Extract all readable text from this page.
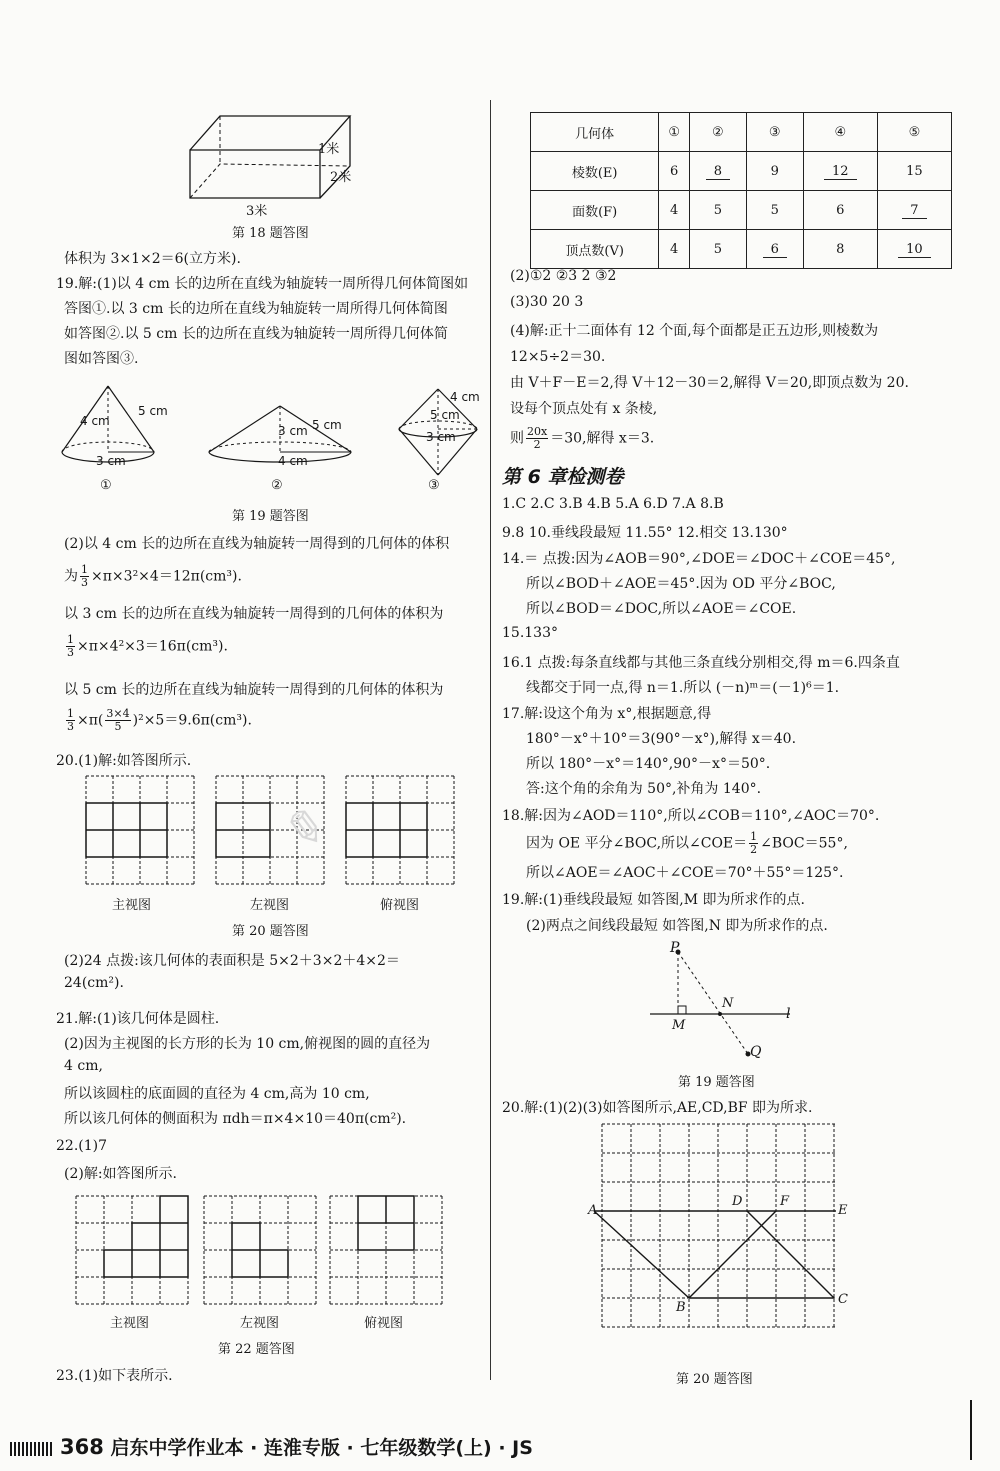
1米
2米
3米
第 18 题答图
体积为 3×1×2＝6(立方米).
19.解:(1)以 4 cm 长的边所在直线为轴旋转一周所得几何体简图如
答图①.以 3 cm 长的边所在直线为轴旋转一周所得几何体简图
如答图②.以 5 cm 长的边所在直线为轴旋转一周所得几何体简
图如答图③.
5 cm
4 cm
3 cm
①
5 cm
3 cm
4 cm
②
4 cm
5 cm
3 cm
③
第 19 题答图
(2)以 4 cm 长的边所在直线为轴旋转一周得到的几何体的体积
为 $\frac{1}{3} \times\pi\times 3^2\times 4=12\pi(cm^3)$.
以 3 cm 长的边所在直线为轴旋转一周得到的几何体的体积为
$\frac{1}{3} \times\pi\times 4^2\times 3=16\pi(cm^3)$.
以 5 cm 长的边所在直线为轴旋转一周得到的几何体的体积为
$\frac{1}{3} \times\pi( \frac{3\times 4}{5} )^2\times 5=9.6\pi(cm^3)$.
20.(1)解:如答图所示.
主视图	左视图	俯视图
第 20 题答图
(2)24 点拨:该几何体的表面积是 5×2＋3×2＋4×2＝
24(cm²).
21.解:(1)该几何体是圆柱.
(2)因为主视图的长方形的长为 10 cm,俯视图的圆的直径为
4 cm,
所以该圆柱的底面圆的直径为 4 cm,高为 10 cm,
所以该几何体的侧面积为 πdh＝π×4×10＝40π(cm²).
22.(1)7
(2)解:如答图所示.
主视图	左视图	俯视图
第 22 题答图
23.(1)如下表所示.
几何体	①	②	③	④	⑤
棱数(E)	6	8	9	12	15
面数(F)	4	5	5	6	7
顶点数(V)	4	5	6	8	10
(2)①2 ②3 2 ③2
(3)30 20 3
(4)解:正十二面体有 12 个面,每个面都是正五边形,则棱数为
12×5÷2＝30.
由 V＋F－E＝2,得 V＋12－30＝2,解得 V＝20,即顶点数为 20.
设每个顶点处有 x 条棱,
则 $\frac{20x}{2} =30$,解得 x＝3.
第 6 章检测卷
1.C 2.C 3.B 4.B 5.A 6.D 7.A 8.B
9.8 10.垂线段最短 11.55° 12.相交 13.130°
14.＝ 点拨:因为∠AOB＝90°,∠DOE＝∠DOC＋∠COE＝45°,
所以∠BOD＋∠AOE＝45°.因为 OD 平分∠BOC,
所以∠BOD＝∠DOC,所以∠AOE＝∠COE.
15.133°
16.1 点拨:每条直线都与其他三条直线分别相交,得 m＝6.四条直
线都交于同一点,得 n＝1.所以 (－n)ᵐ＝(－1)⁶＝1.
17.解:设这个角为 x°,根据题意,得
180°－x°＋10°＝3(90°－x°),解得 x＝40.
所以 180°－x°＝140°,90°－x°＝50°.
答:这个角的余角为 50°,补角为 140°.
18.解:因为∠AOD＝110°,所以∠COB＝110°,∠AOC＝70°.
因为 OE 平分∠BOC,所以∠COE＝ $\frac{1}{2}$ ∠BOC＝55°,
所以∠AOE＝∠AOC＋∠COE＝70°＋55°＝125°.
19.解:(1)垂线段最短 如答图,M 即为所求作的点.
(2)两点之间线段最短 如答图,N 即为所求作的点.
P
N
M
l
Q
第 19 题答图
20.解:(1)(2)(3)如答图所示,AE,CD,BF 即为所求.
A
B
C
D
E
F
第 20 题答图
✎
368 启东中学作业本 · 连淮专版 · 七年级数学(上) · JS
